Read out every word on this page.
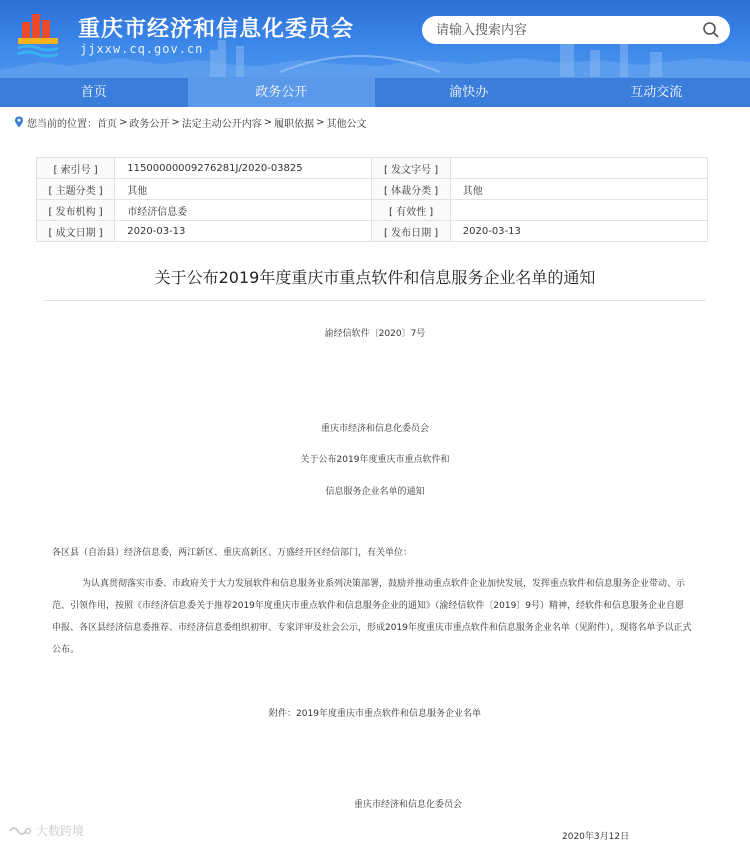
重庆市经济和信息化委员会
jjxxw.cq.gov.cn
请输入搜索内容
首页	政务公开	渝快办	互动交流
您当前的位置： 首页 > 政务公开 > 法定主动公开内容 > 履职依据 > 其他公文
[ 索引号 ]	11500000009276281J/2020-03825	[ 发文字号 ]	
[ 主题分类 ]	其他	[ 体裁分类 ]	其他
[ 发布机构 ]	市经济信息委	[ 有效性 ]	
[ 成文日期 ]	2020-03-13	[ 发布日期 ]	2020-03-13
关于公布2019年度重庆市重点软件和信息服务企业名单的通知
渝经信软件〔2020〕7号
重庆市经济和信息化委员会
关于公布2019年度重庆市重点软件和
信息服务企业名单的通知
各区县（自治县）经济信息委，两江新区、重庆高新区、万盛经开区经信部门，有关单位：

为认真贯彻落实市委、市政府关于大力发展软件和信息服务业系列决策部署，鼓励并推动重点软件企业加快发展，发挥重点软件和信息服务企业带动、示范、引领作用，按照《市经济信息委关于推荐2019年度重庆市重点软件和信息服务企业的通知》（渝经信软件〔2019〕9号）精神，经软件和信息服务企业自愿申报、各区县经济信息委推荐、市经济信息委组织初审、专家评审及社会公示，形成2019年度重庆市重点软件和信息服务企业名单（见附件），现将名单予以正式公布。

附件：2019年度重庆市重点软件和信息服务企业名单
重庆市经济和信息化委员会
2020年3月12日
大数跨境
